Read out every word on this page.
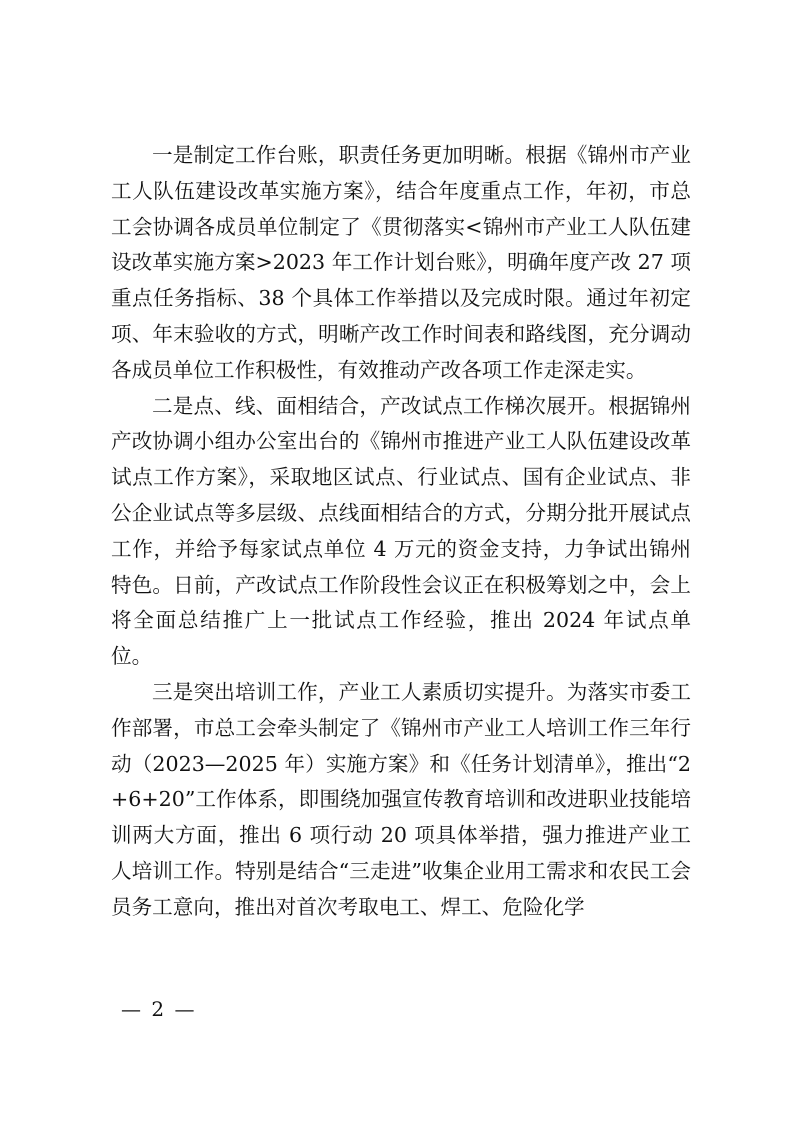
一是制定工作台账，职责任务更加明晰。根据《锦州市产业工人队伍建设改革实施方案》，结合年度重点工作，年初，市总工会协调各成员单位制定了《贯彻落实<锦州市产业工人队伍建设改革实施方案>2023 年工作计划台账》，明确年度产改 27 项重点任务指标、38 个具体工作举措以及完成时限。通过年初定项、年末验收的方式，明晰产改工作时间表和路线图，充分调动各成员单位工作积极性，有效推动产改各项工作走深走实。

二是点、线、面相结合，产改试点工作梯次展开。根据锦州产改协调小组办公室出台的《锦州市推进产业工人队伍建设改革试点工作方案》，采取地区试点、行业试点、国有企业试点、非公企业试点等多层级、点线面相结合的方式，分期分批开展试点工作，并给予每家试点单位 4 万元的资金支持，力争试出锦州特色。日前，产改试点工作阶段性会议正在积极筹划之中，会上将全面总结推广上一批试点工作经验，推出 2024 年试点单位。

三是突出培训工作，产业工人素质切实提升。为落实市委工作部署，市总工会牵头制定了《锦州市产业工人培训工作三年行动（2023—2025 年）实施方案》和《任务计划清单》，推出“2+6+20”工作体系，即围绕加强宣传教育培训和改进职业技能培训两大方面，推出 6 项行动 20 项具体举措，强力推进产业工人培训工作。特别是结合“三走进”收集企业用工需求和农民工会员务工意向，推出对首次考取电工、焊工、危险化学

— 2 —
